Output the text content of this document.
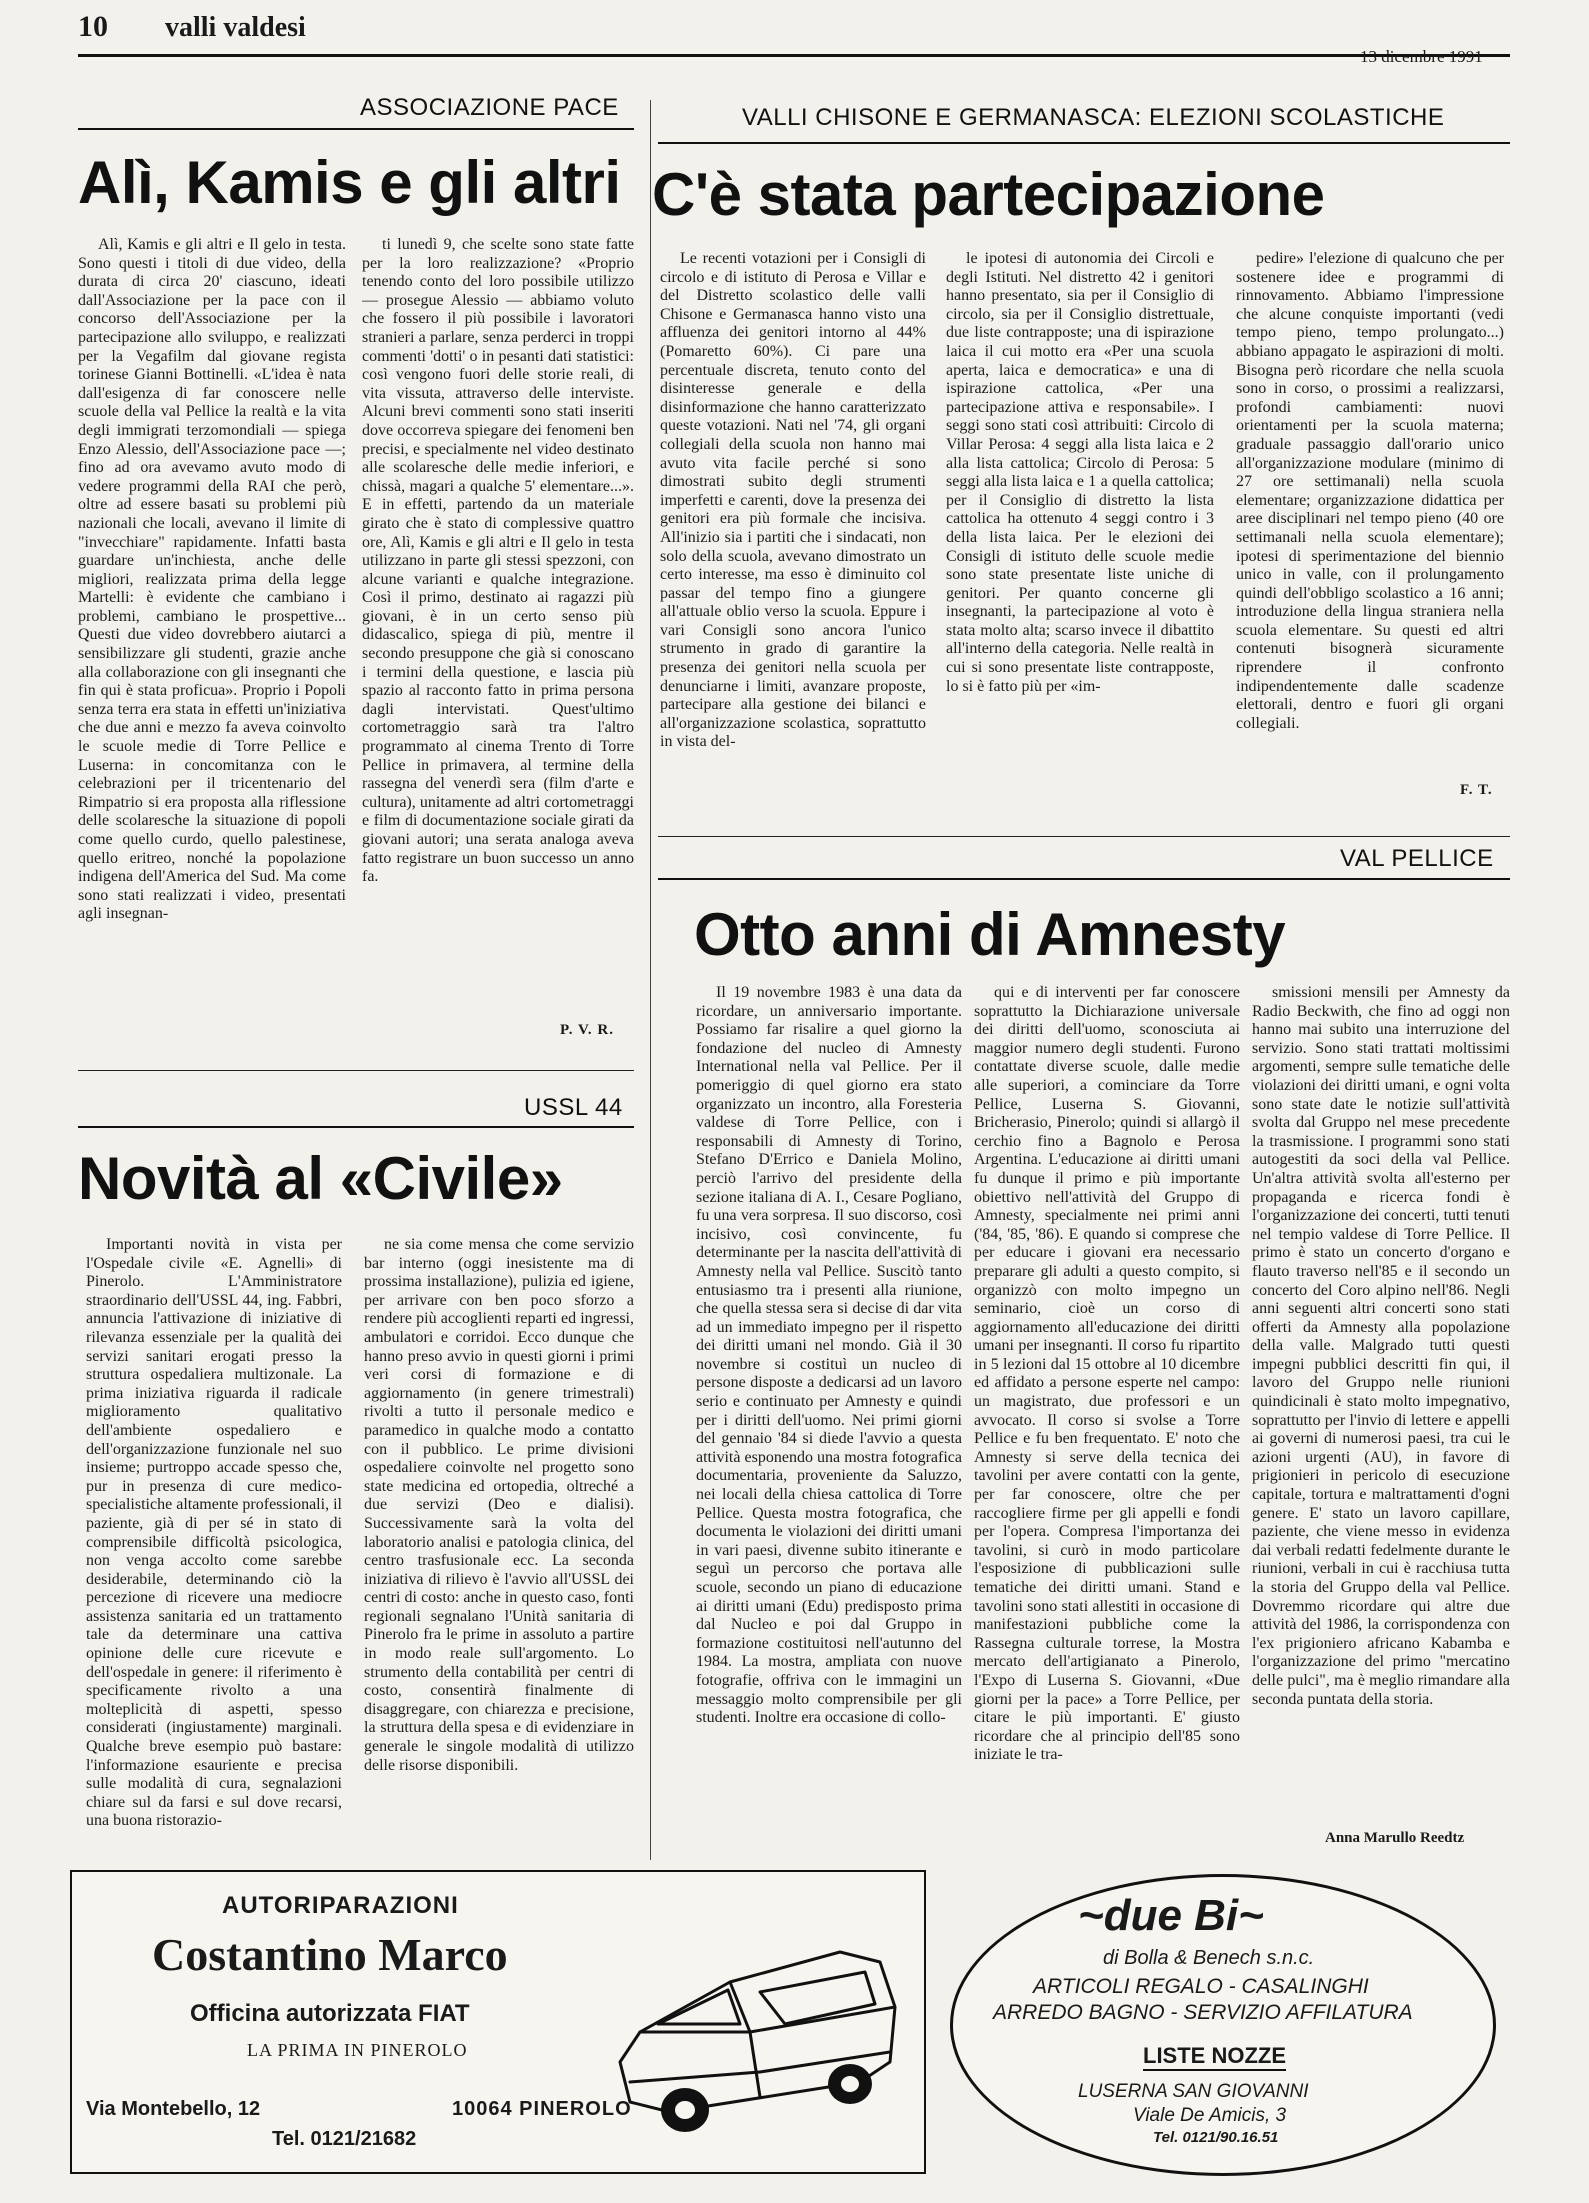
10 valli valdesi
13 dicembre 1991
ASSOCIAZIONE PACE
Alì, Kamis e gli altri

Alì, Kamis e gli altri e Il gelo in testa. Sono questi i titoli di due video, della durata di circa 20' ciascuno, ideati dall'Associazione per la pace con il concorso dell'Associazione per la partecipazione allo sviluppo, e realizzati per la Vegafilm dal giovane regista torinese Gianni Bottinelli. «L'idea è nata dall'esigenza di far conoscere nelle scuole della val Pellice la realtà e la vita degli immigrati terzomondiali — spiega Enzo Alessio, dell'Associazione pace —; fino ad ora avevamo avuto modo di vedere programmi della RAI che però, oltre ad essere basati su problemi più nazionali che locali, avevano il limite di "invecchiare" rapidamente. Infatti basta guardare un'inchiesta, anche delle migliori, realizzata prima della legge Martelli: è evidente che cambiano i problemi, cambiano le prospettive... Questi due video dovrebbero aiutarci a sensibilizzare gli studenti, grazie anche alla collaborazione con gli insegnanti che fin qui è stata proficua». Proprio i Popoli senza terra era stata in effetti un'iniziativa che due anni e mezzo fa aveva coinvolto le scuole medie di Torre Pellice e Luserna: in concomitanza con le celebrazioni per il tricentenario del Rimpatrio si era proposta alla riflessione delle scolaresche la situazione di popoli come quello curdo, quello palestinese, quello eritreo, nonché la popolazione indigena dell'America del Sud. Ma come sono stati realizzati i video, presentati agli insegnan-

ti lunedì 9, che scelte sono state fatte per la loro realizzazione? «Proprio tenendo conto del loro possibile utilizzo — prosegue Alessio — abbiamo voluto che fossero il più possibile i lavoratori stranieri a parlare, senza perderci in troppi commenti 'dotti' o in pesanti dati statistici: così vengono fuori delle storie reali, di vita vissuta, attraverso delle interviste. Alcuni brevi commenti sono stati inseriti dove occorreva spiegare dei fenomeni ben precisi, e specialmente nel video destinato alle scolaresche delle medie inferiori, e chissà, magari a qualche 5' elementare...». E in effetti, partendo da un materiale girato che è stato di complessive quattro ore, Alì, Kamis e gli altri e Il gelo in testa utilizzano in parte gli stessi spezzoni, con alcune varianti e qualche integrazione. Così il primo, destinato ai ragazzi più giovani, è in un certo senso più didascalico, spiega di più, mentre il secondo presuppone che già si conoscano i termini della questione, e lascia più spazio al racconto fatto in prima persona dagli intervistati. Quest'ultimo cortometraggio sarà tra l'altro programmato al cinema Trento di Torre Pellice in primavera, al termine della rassegna del venerdì sera (film d'arte e cultura), unitamente ad altri cortometraggi e film di documentazione sociale girati da giovani autori; una serata analoga aveva fatto registrare un buon successo un anno fa.

P. V. R.
VALLI CHISONE E GERMANASCA: ELEZIONI SCOLASTICHE
C'è stata partecipazione

Le recenti votazioni per i Consigli di circolo e di istituto di Perosa e Villar e del Distretto scolastico delle valli Chisone e Germanasca hanno visto una affluenza dei genitori intorno al 44% (Pomaretto 60%). Ci pare una percentuale discreta, tenuto conto del disinteresse generale e della disinformazione che hanno caratterizzato queste votazioni. Nati nel '74, gli organi collegiali della scuola non hanno mai avuto vita facile perché si sono dimostrati subito degli strumenti imperfetti e carenti, dove la presenza dei genitori era più formale che incisiva. All'inizio sia i partiti che i sindacati, non solo della scuola, avevano dimostrato un certo interesse, ma esso è diminuito col passar del tempo fino a giungere all'attuale oblio verso la scuola. Eppure i vari Consigli sono ancora l'unico strumento in grado di garantire la presenza dei genitori nella scuola per denunciarne i limiti, avanzare proposte, partecipare alla gestione dei bilanci e all'organizzazione scolastica, soprattutto in vista del-

le ipotesi di autonomia dei Circoli e degli Istituti. Nel distretto 42 i genitori hanno presentato, sia per il Consiglio di circolo, sia per il Consiglio distrettuale, due liste contrapposte; una di ispirazione laica il cui motto era «Per una scuola aperta, laica e democratica» e una di ispirazione cattolica, «Per una partecipazione attiva e responsabile». I seggi sono stati così attribuiti: Circolo di Villar Perosa: 4 seggi alla lista laica e 2 alla lista cattolica; Circolo di Perosa: 5 seggi alla lista laica e 1 a quella cattolica; per il Consiglio di distretto la lista cattolica ha ottenuto 4 seggi contro i 3 della lista laica. Per le elezioni dei Consigli di istituto delle scuole medie sono state presentate liste uniche di genitori. Per quanto concerne gli insegnanti, la partecipazione al voto è stata molto alta; scarso invece il dibattito all'interno della categoria. Nelle realtà in cui si sono presentate liste contrapposte, lo si è fatto più per «im-

pedire» l'elezione di qualcuno che per sostenere idee e programmi di rinnovamento. Abbiamo l'impressione che alcune conquiste importanti (vedi tempo pieno, tempo prolungato...) abbiano appagato le aspirazioni di molti. Bisogna però ricordare che nella scuola sono in corso, o prossimi a realizzarsi, profondi cambiamenti: nuovi orientamenti per la scuola materna; graduale passaggio dall'orario unico all'organizzazione modulare (minimo di 27 ore settimanali) nella scuola elementare; organizzazione didattica per aree disciplinari nel tempo pieno (40 ore settimanali nella scuola elementare); ipotesi di sperimentazione del biennio unico in valle, con il prolungamento quindi dell'obbligo scolastico a 16 anni; introduzione della lingua straniera nella scuola elementare. Su questi ed altri contenuti bisognerà sicuramente riprendere il confronto indipendentemente dalle scadenze elettorali, dentro e fuori gli organi collegiali.

F. T.
VAL PELLICE
Otto anni di Amnesty

Il 19 novembre 1983 è una data da ricordare, un anniversario importante. Possiamo far risalire a quel giorno la fondazione del nucleo di Amnesty International nella val Pellice. Per il pomeriggio di quel giorno era stato organizzato un incontro, alla Foresteria valdese di Torre Pellice, con i responsabili di Amnesty di Torino, Stefano D'Errico e Daniela Molino, perciò l'arrivo del presidente della sezione italiana di A. I., Cesare Pogliano, fu una vera sorpresa. Il suo discorso, così incisivo, così convincente, fu determinante per la nascita dell'attività di Amnesty nella val Pellice. Suscitò tanto entusiasmo tra i presenti alla riunione, che quella stessa sera si decise di dar vita ad un immediato impegno per il rispetto dei diritti umani nel mondo. Già il 30 novembre si costituì un nucleo di persone disposte a dedicarsi ad un lavoro serio e continuato per Amnesty e quindi per i diritti dell'uomo. Nei primi giorni del gennaio '84 si diede l'avvio a questa attività esponendo una mostra fotografica documentaria, proveniente da Saluzzo, nei locali della chiesa cattolica di Torre Pellice. Questa mostra fotografica, che documenta le violazioni dei diritti umani in vari paesi, divenne subito itinerante e seguì un percorso che portava alle scuole, secondo un piano di educazione ai diritti umani (Edu) predisposto prima dal Nucleo e poi dal Gruppo in formazione costituitosi nell'autunno del 1984. La mostra, ampliata con nuove fotografie, offriva con le immagini un messaggio molto comprensibile per gli studenti. Inoltre era occasione di collo-

qui e di interventi per far conoscere soprattutto la Dichiarazione universale dei diritti dell'uomo, sconosciuta ai maggior numero degli studenti. Furono contattate diverse scuole, dalle medie alle superiori, a cominciare da Torre Pellice, Luserna S. Giovanni, Bricherasio, Pinerolo; quindi si allargò il cerchio fino a Bagnolo e Perosa Argentina. L'educazione ai diritti umani fu dunque il primo e più importante obiettivo nell'attività del Gruppo di Amnesty, specialmente nei primi anni ('84, '85, '86). E quando si comprese che per educare i giovani era necessario preparare gli adulti a questo compito, si organizzò con molto impegno un seminario, cioè un corso di aggiornamento all'educazione dei diritti umani per insegnanti. Il corso fu ripartito in 5 lezioni dal 15 ottobre al 10 dicembre ed affidato a persone esperte nel campo: un magistrato, due professori e un avvocato. Il corso si svolse a Torre Pellice e fu ben frequentato. E' noto che Amnesty si serve della tecnica dei tavolini per avere contatti con la gente, per far conoscere, oltre che per raccogliere firme per gli appelli e fondi per l'opera. Compresa l'importanza dei tavolini, si curò in modo particolare l'esposizione di pubblicazioni sulle tematiche dei diritti umani. Stand e tavolini sono stati allestiti in occasione di manifestazioni pubbliche come la Rassegna culturale torrese, la Mostra mercato dell'artigianato a Pinerolo, l'Expo di Luserna S. Giovanni, «Due giorni per la pace» a Torre Pellice, per citare le più importanti. E' giusto ricordare che al principio dell'85 sono iniziate le tra-

smissioni mensili per Amnesty da Radio Beckwith, che fino ad oggi non hanno mai subito una interruzione del servizio. Sono stati trattati moltissimi argomenti, sempre sulle tematiche delle violazioni dei diritti umani, e ogni volta sono state date le notizie sull'attività svolta dal Gruppo nel mese precedente la trasmissione. I programmi sono stati autogestiti da soci della val Pellice. Un'altra attività svolta all'esterno per propaganda e ricerca fondi è l'organizzazione dei concerti, tutti tenuti nel tempio valdese di Torre Pellice. Il primo è stato un concerto d'organo e flauto traverso nell'85 e il secondo un concerto del Coro alpino nell'86. Negli anni seguenti altri concerti sono stati offerti da Amnesty alla popolazione della valle. Malgrado tutti questi impegni pubblici descritti fin qui, il lavoro del Gruppo nelle riunioni quindicinali è stato molto impegnativo, soprattutto per l'invio di lettere e appelli ai governi di numerosi paesi, tra cui le azioni urgenti (AU), in favore di prigionieri in pericolo di esecuzione capitale, tortura e maltrattamenti d'ogni genere. E' stato un lavoro capillare, paziente, che viene messo in evidenza dai verbali redatti fedelmente durante le riunioni, verbali in cui è racchiusa tutta la storia del Gruppo della val Pellice. Dovremmo ricordare qui altre due attività del 1986, la corrispondenza con l'ex prigioniero africano Kabamba e l'organizzazione del primo "mercatino delle pulci", ma è meglio rimandare alla seconda puntata della storia.

Anna Marullo Reedtz
USSL 44
Novità al «Civile»

Importanti novità in vista per l'Ospedale civile «E. Agnelli» di Pinerolo. L'Amministratore straordinario dell'USSL 44, ing. Fabbri, annuncia l'attivazione di iniziative di rilevanza essenziale per la qualità dei servizi sanitari erogati presso la struttura ospedaliera multizonale. La prima iniziativa riguarda il radicale miglioramento qualitativo dell'ambiente ospedaliero e dell'organizzazione funzionale nel suo insieme; purtroppo accade spesso che, pur in presenza di cure medico-specialistiche altamente professionali, il paziente, già di per sé in stato di comprensibile difficoltà psicologica, non venga accolto come sarebbe desiderabile, determinando ciò la percezione di ricevere una mediocre assistenza sanitaria ed un trattamento tale da determinare una cattiva opinione delle cure ricevute e dell'ospedale in genere: il riferimento è specificamente rivolto a una molteplicità di aspetti, spesso considerati (ingiustamente) marginali. Qualche breve esempio può bastare: l'informazione esauriente e precisa sulle modalità di cura, segnalazioni chiare sul da farsi e sul dove recarsi, una buona ristorazio-

ne sia come mensa che come servizio bar interno (oggi inesistente ma di prossima installazione), pulizia ed igiene, per arrivare con ben poco sforzo a rendere più accoglienti reparti ed ingressi, ambulatori e corridoi. Ecco dunque che hanno preso avvio in questi giorni i primi veri corsi di formazione e di aggiornamento (in genere trimestrali) rivolti a tutto il personale medico e paramedico in qualche modo a contatto con il pubblico. Le prime divisioni ospedaliere coinvolte nel progetto sono state medicina ed ortopedia, oltreché a due servizi (Deo e dialisi). Successivamente sarà la volta del laboratorio analisi e patologia clinica, del centro trasfusionale ecc. La seconda iniziativa di rilievo è l'avvio all'USSL dei centri di costo: anche in questo caso, fonti regionali segnalano l'Unità sanitaria di Pinerolo fra le prime in assoluto a partire in modo reale sull'argomento. Lo strumento della contabilità per centri di costo, consentirà finalmente di disaggregare, con chiarezza e precisione, la struttura della spesa e di evidenziare in generale le singole modalità di utilizzo delle risorse disponibili.

AUTORIPARAZIONI
Costantino Marco
Officina autorizzata FIAT
LA PRIMA IN PINEROLO
Via Montebello, 12	10064 PINEROLO
Tel. 0121/21682
~due Bi~
di Bolla & Benech s.n.c.
ARTICOLI REGALO - CASALINGHI
ARREDO BAGNO - SERVIZIO AFFILATURA
LISTE NOZZE
LUSERNA SAN GIOVANNI
Viale De Amicis, 3
Tel. 0121/90.16.51
